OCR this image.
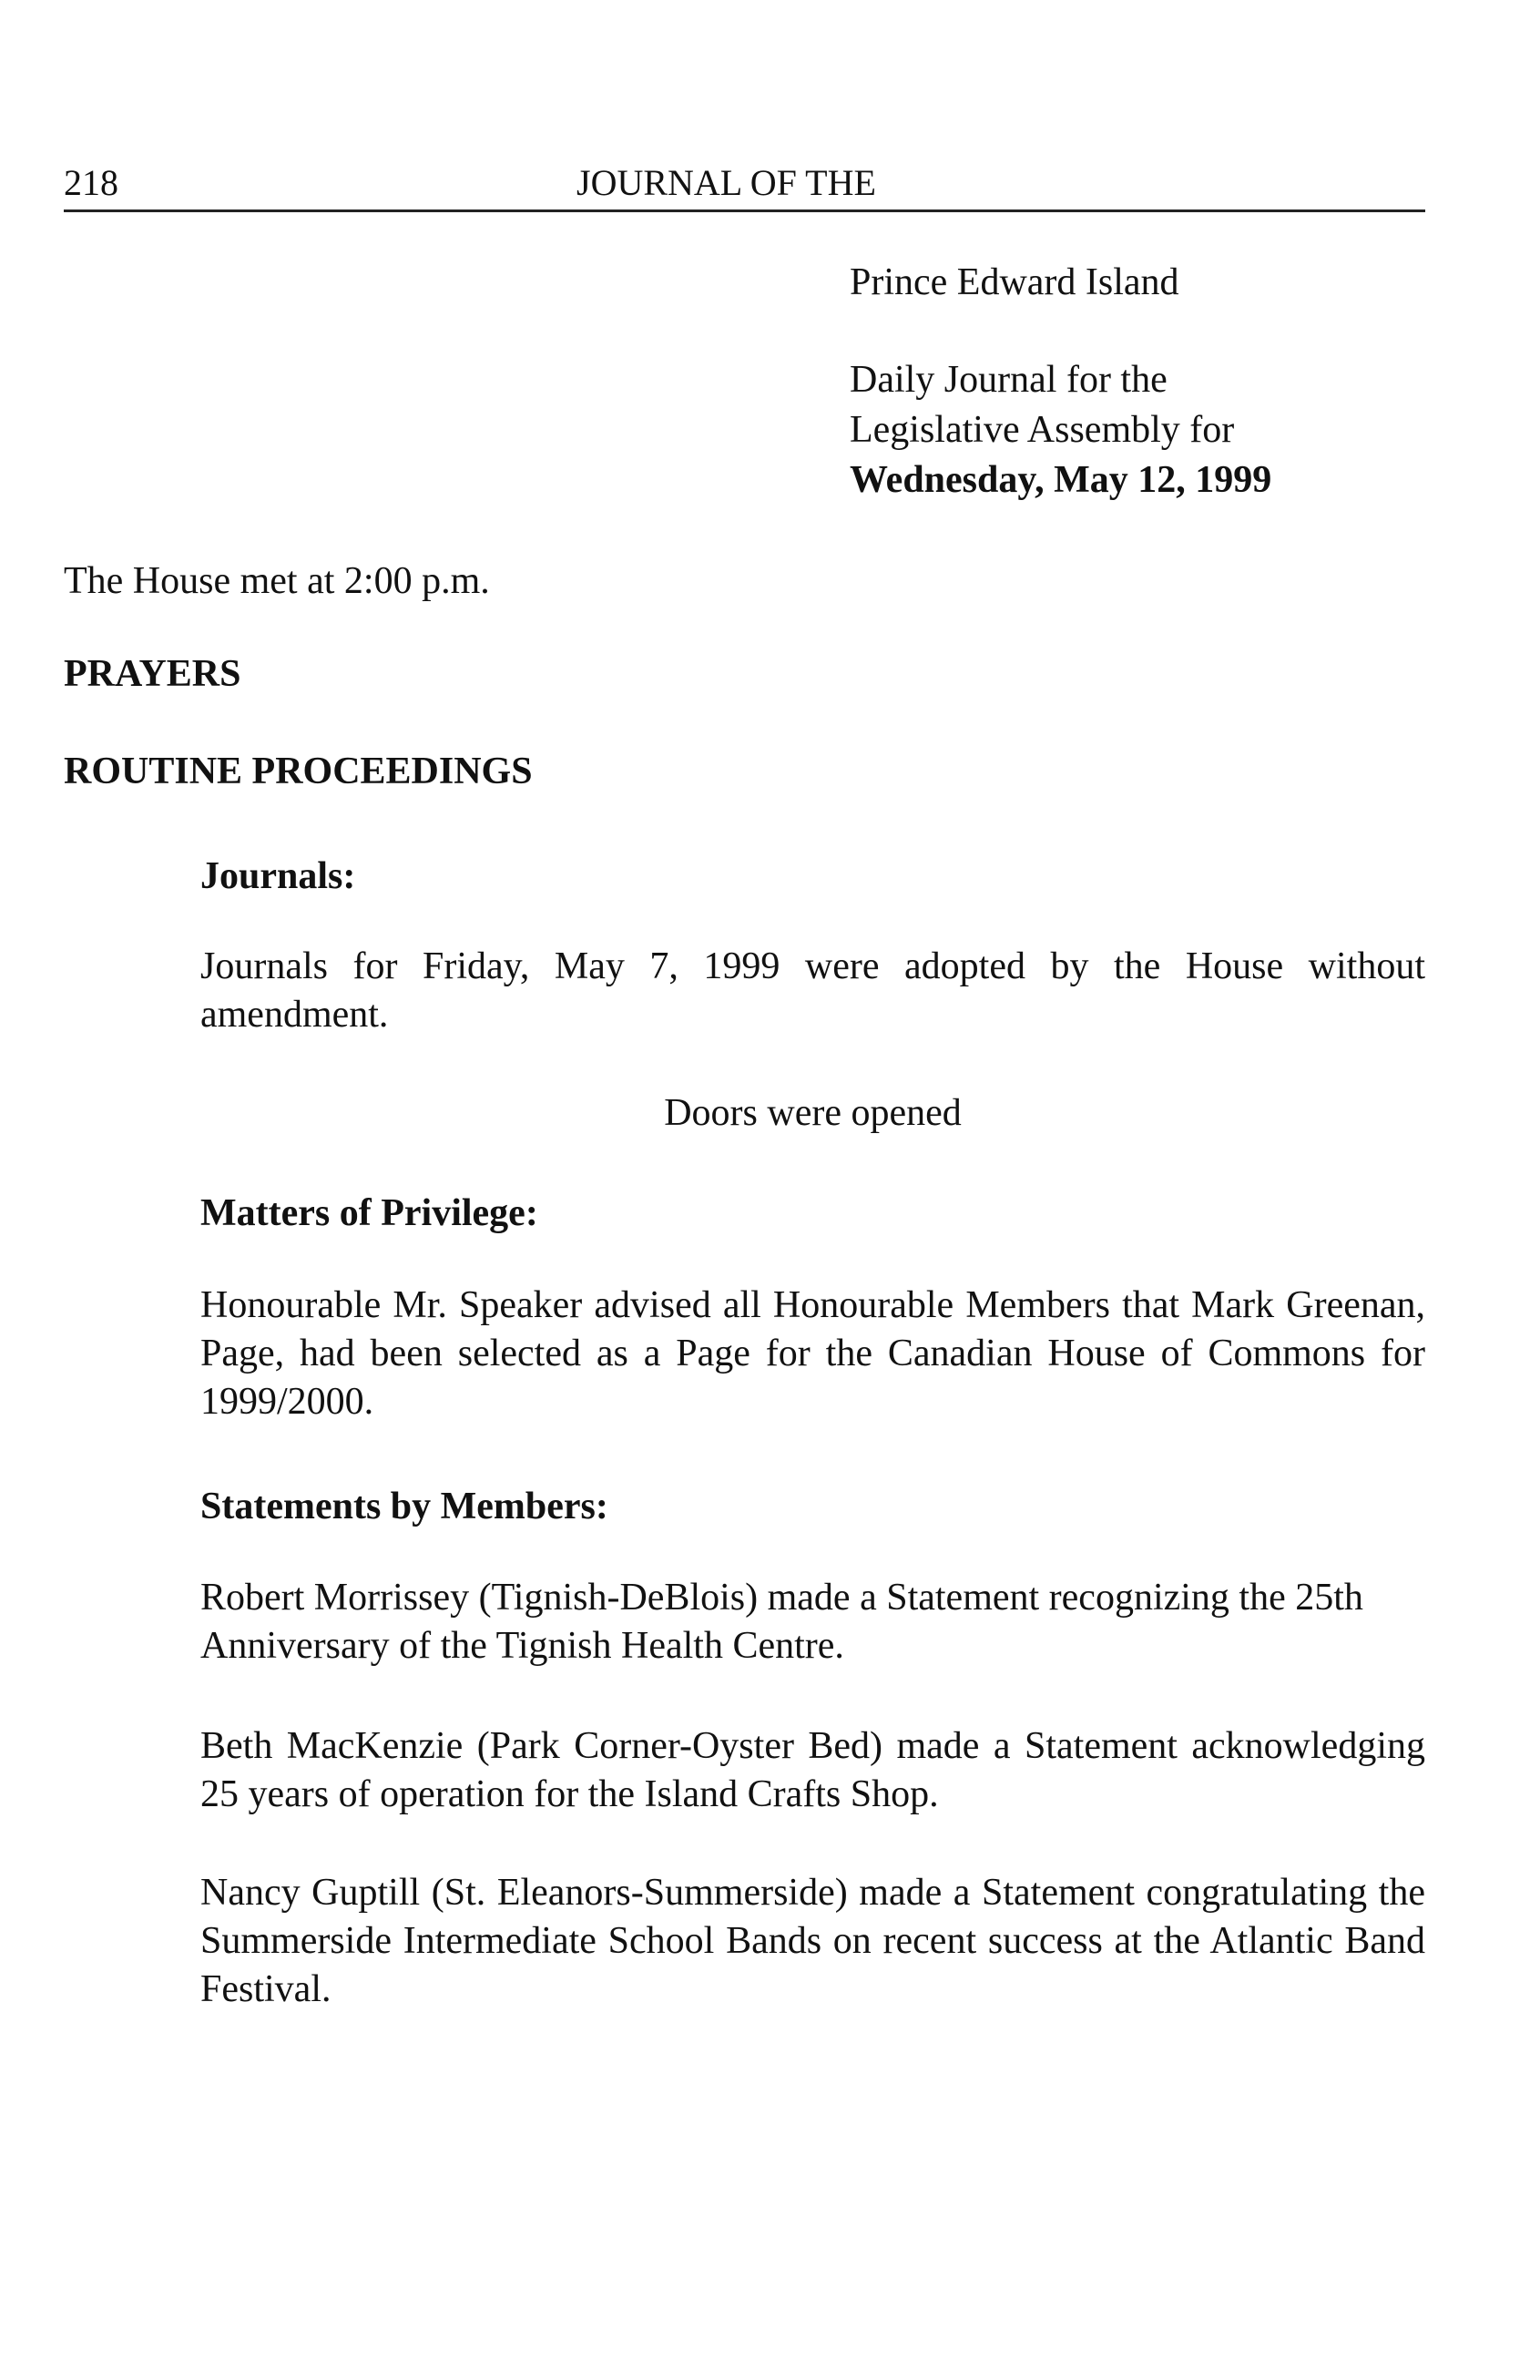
218	JOURNAL OF THE
Prince Edward Island
Daily Journal for the
Legislative Assembly for
Wednesday, May 12, 1999
The House met at 2:00 p.m.
PRAYERS
ROUTINE PROCEEDINGS
Journals:
Journals for Friday, May 7, 1999 were adopted by the House without amendment.
Doors were opened
Matters of Privilege:
Honourable Mr. Speaker advised all Honourable Members that Mark Greenan, Page, had been selected as a Page for the Canadian House of Commons for 1999/2000.
Statements by Members:
Robert Morrissey (Tignish-DeBlois) made a Statement recognizing the 25th Anniversary of the Tignish Health Centre.
Beth MacKenzie (Park Corner-Oyster Bed) made a Statement acknowledging 25 years of operation for the Island Crafts Shop.
Nancy Guptill (St. Eleanors-Summerside) made a Statement congratulating the Summerside Intermediate School Bands on recent success at the Atlantic Band Festival.
